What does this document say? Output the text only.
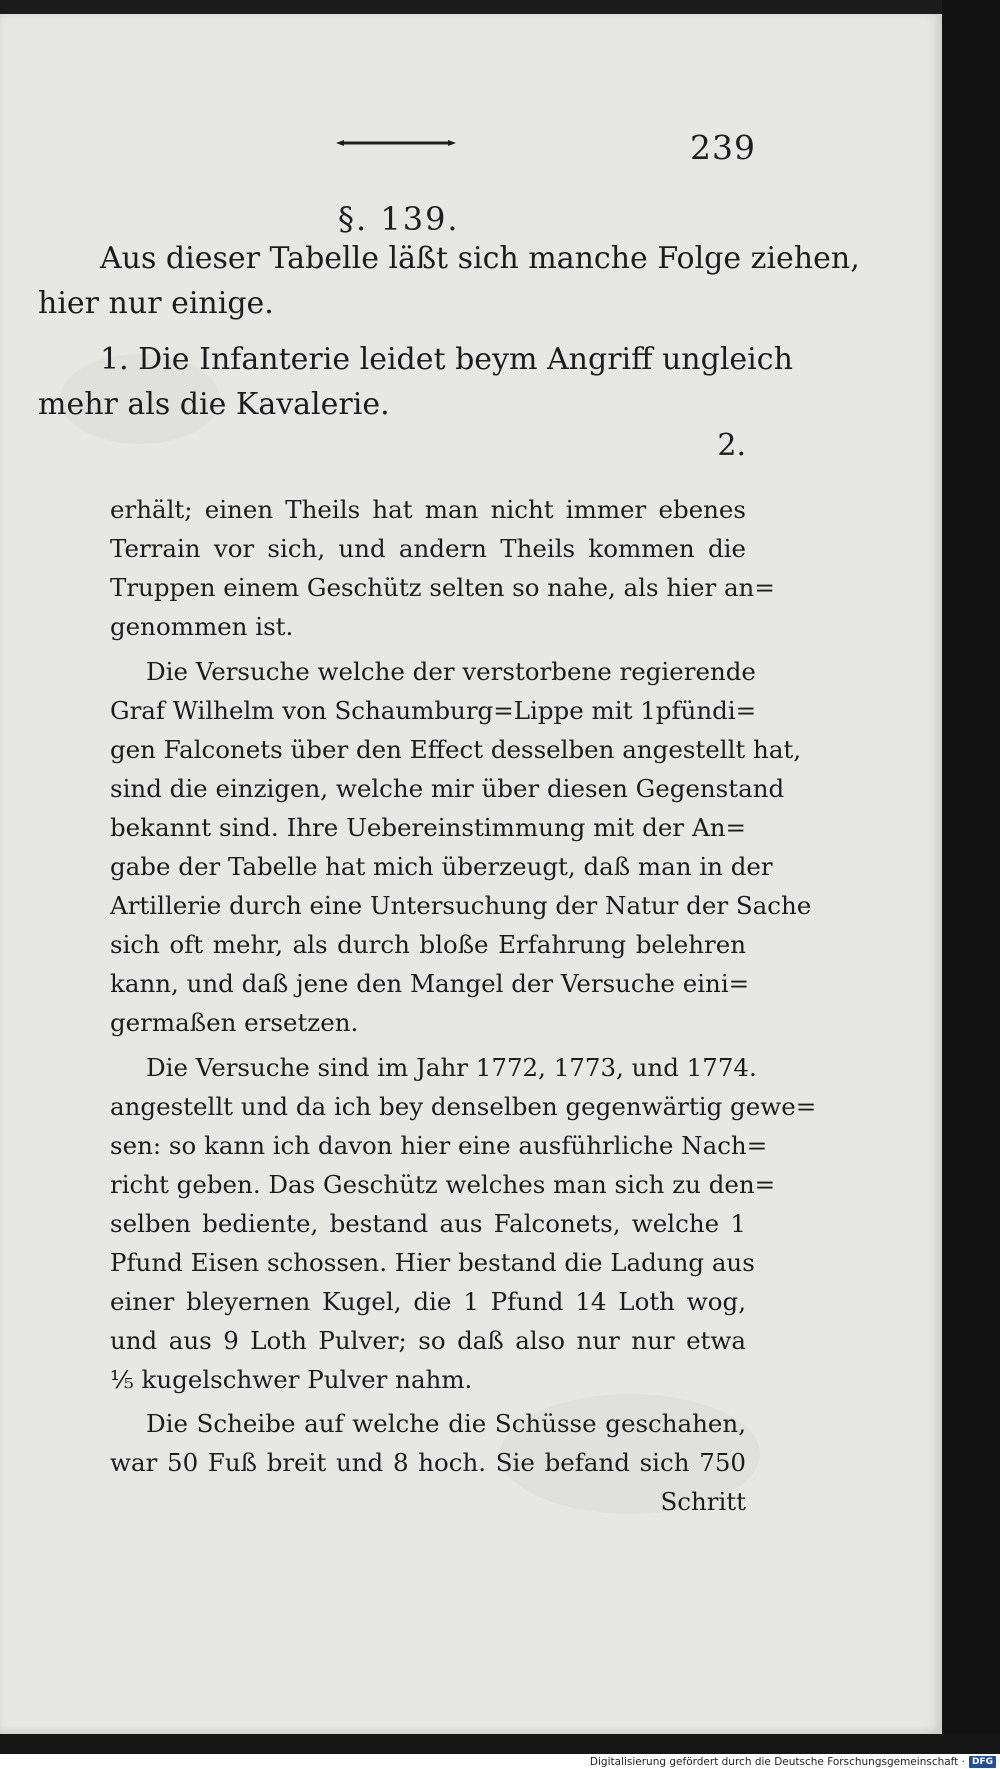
239
§. 139.
Aus dieser Tabelle läßt sich manche Folge ziehen,
hier nur einige.
1. Die Infanterie leidet beym Angriff ungleich
mehr als die Kavalerie.
2.
erhält; einen Theils hat man nicht immer ebenes
Terrain vor sich, und andern Theils kommen die
Truppen einem Geschütz selten so nahe, als hier an=
genommen ist.
Die Versuche welche der verstorbene regierende
Graf Wilhelm von Schaumburg=Lippe mit 1pfündi=
gen Falconets über den Effect desselben angestellt hat,
sind die einzigen, welche mir über diesen Gegenstand
bekannt sind. Ihre Uebereinstimmung mit der An=
gabe der Tabelle hat mich überzeugt, daß man in der
Artillerie durch eine Untersuchung der Natur der Sache
sich oft mehr, als durch bloße Erfahrung belehren
kann, und daß jene den Mangel der Versuche eini=
germaßen ersetzen.
Die Versuche sind im Jahr 1772, 1773, und 1774.
angestellt und da ich bey denselben gegenwärtig gewe=
sen: so kann ich davon hier eine ausführliche Nach=
richt geben. Das Geschütz welches man sich zu den=
selben bediente, bestand aus Falconets, welche 1
Pfund Eisen schossen. Hier bestand die Ladung aus
einer bleyernen Kugel, die 1 Pfund 14 Loth wog,
und aus 9 Loth Pulver; so daß also nur nur etwa
⅕ kugelschwer Pulver nahm.
Die Scheibe auf welche die Schüsse geschahen,
war 50 Fuß breit und 8 hoch. Sie befand sich 750
Schritt
Digitalisierung gefördert durch die Deutsche Forschungsgemeinschaft · DFG
